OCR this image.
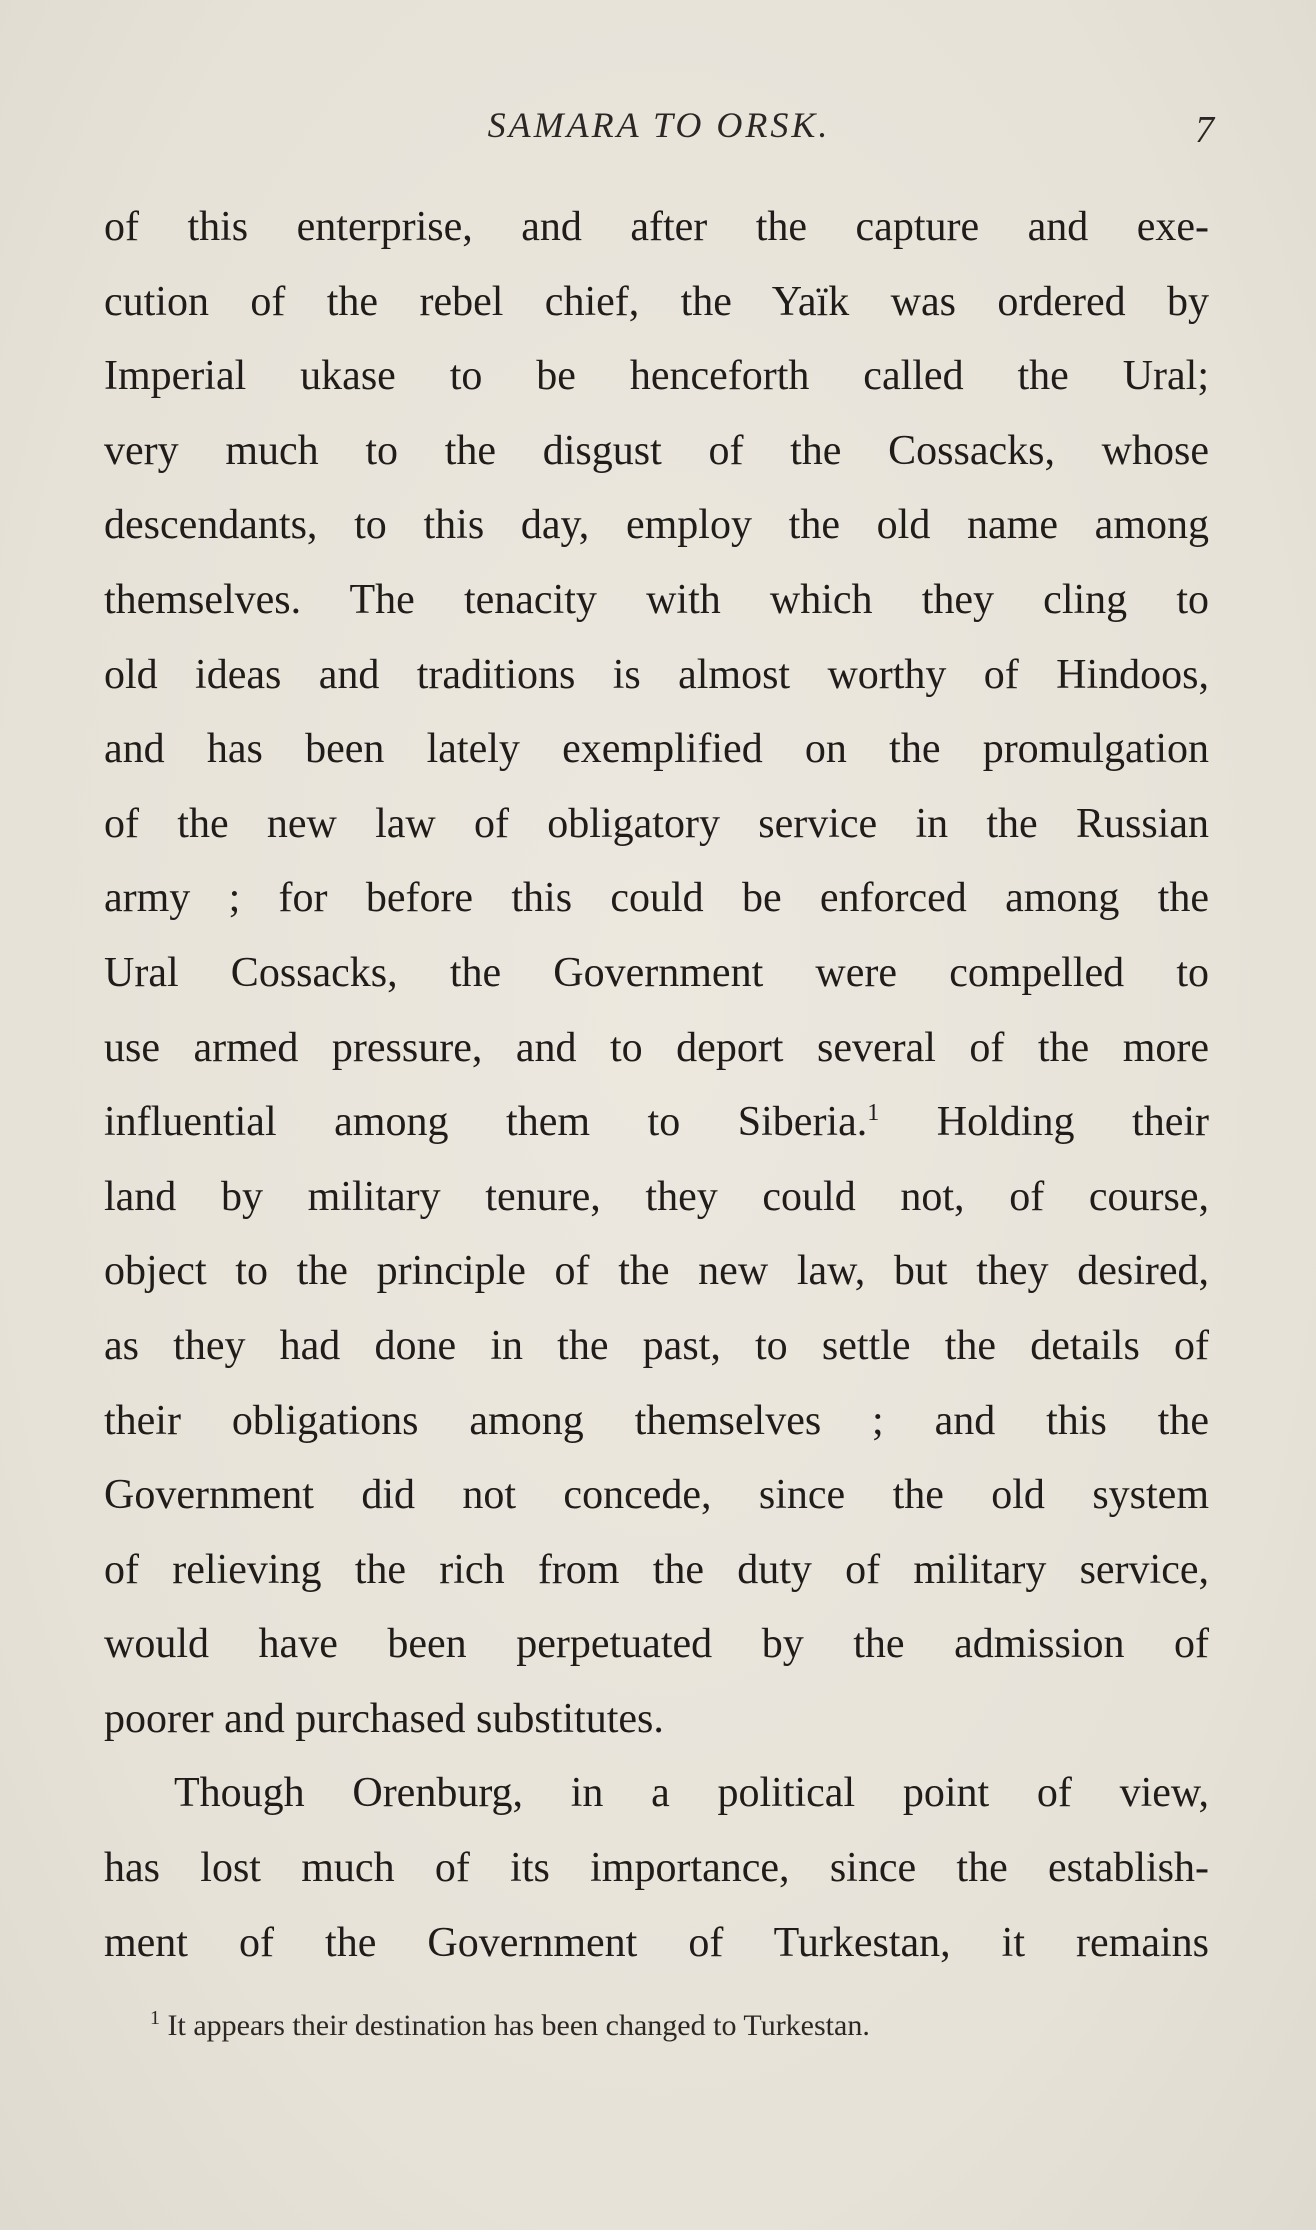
SAMARA TO ORSK.	7
of this enterprise, and after the capture and exe-
cution of the rebel chief, the Yaïk was ordered by
Imperial ukase to be henceforth called the Ural;
very much to the disgust of the Cossacks, whose
descendants, to this day, employ the old name among
themselves. The tenacity with which they cling to
old ideas and traditions is almost worthy of Hindoos,
and has been lately exemplified on the promulgation
of the new law of obligatory service in the Russian
army ; for before this could be enforced among the
Ural Cossacks, the Government were compelled to
use armed pressure, and to deport several of the more
influential among them to Siberia.$^1$ Holding their
land by military tenure, they could not, of course,
object to the principle of the new law, but they desired,
as they had done in the past, to settle the details of
their obligations among themselves ; and this the
Government did not concede, since the old system
of relieving the rich from the duty of military service,
would have been perpetuated by the admission of
poorer and purchased substitutes.
Though Orenburg, in a political point of view,
has lost much of its importance, since the establish-
ment of the Government of Turkestan, it remains
$^1$ It appears their destination has been changed to Turkestan.
